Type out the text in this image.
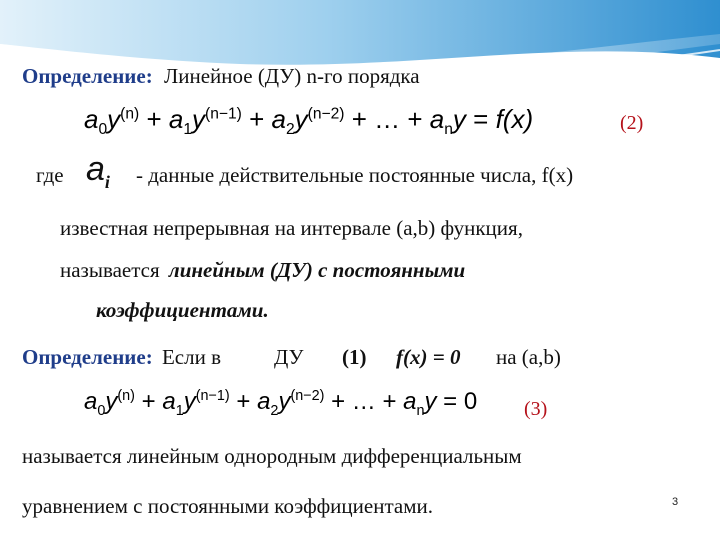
Определение: Линейное (ДУ) n-го порядка
$a_0y^{(n)} + a_1y^{(n-1)} + a_2y^{(n-2)}$ + … + $a_ny = f(x)$	(2)
где $a_i$ - данные действительные постоянные числа, f(x)
известная непрерывная на интервале (a,b) функция,
называется линейным (ДУ) с постоянными
коэффициентами.
Определение: Если в	ДУ (1) f(x) = 0 на (a,b)
$a_0y^{(n)} + a_1y^{(n-1)} + a_2y^{(n-2)}$ + … + $a_ny = 0$ (3)
называется линейным однородным дифференциальным
уравнением с постоянными коэффициентами.	3
